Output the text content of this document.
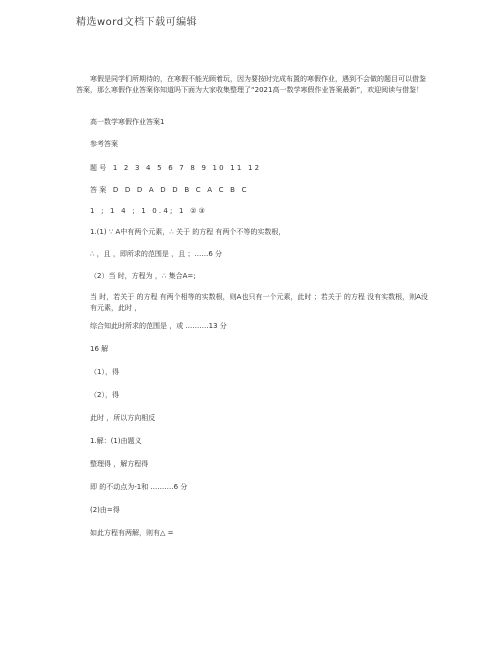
精选word文档下载可编辑
寒假是同学们所期待的，在寒假不能光顾着玩，因为要按时完成布置的寒假作业，遇到不会做的题目可以借鉴答案，那么寒假作业答案你知道吗下面为大家收集整理了“2021高一数学寒假作业答案最新”，欢迎阅读与借鉴！
高一数学寒假作业答案1
参考答案
题号 1 2 3 4 5 6 7 8 9 10 11 12
答案 D D D A D D B C A C B C
1 ; 1 4 ; 1 0.4; 1 ②③
1.(1) ∵ A中有两个元素，∴ 关于 的方程 有两个不等的实数根，
∴ ，且 ，即所求的范围是 ，且 ；……6 分
（2）当 时，方程为 ，∴ 集合A=;
当 时，若关于 的方程 有两个相等的实数根，则A也只有一个元素，此时 ；若关于 的方程 没有实数根，则A没有元素，此时 ，
综合知此时所求的范围是 ，或 .………13 分
16 解
（1），得
（2），得
此时 ，所以方向相反
1.解：(1)由题义
整理得 ，解方程得
即 的不动点为-1和 .………6 分
(2)由=得
如此方程有两解，则有△ =
